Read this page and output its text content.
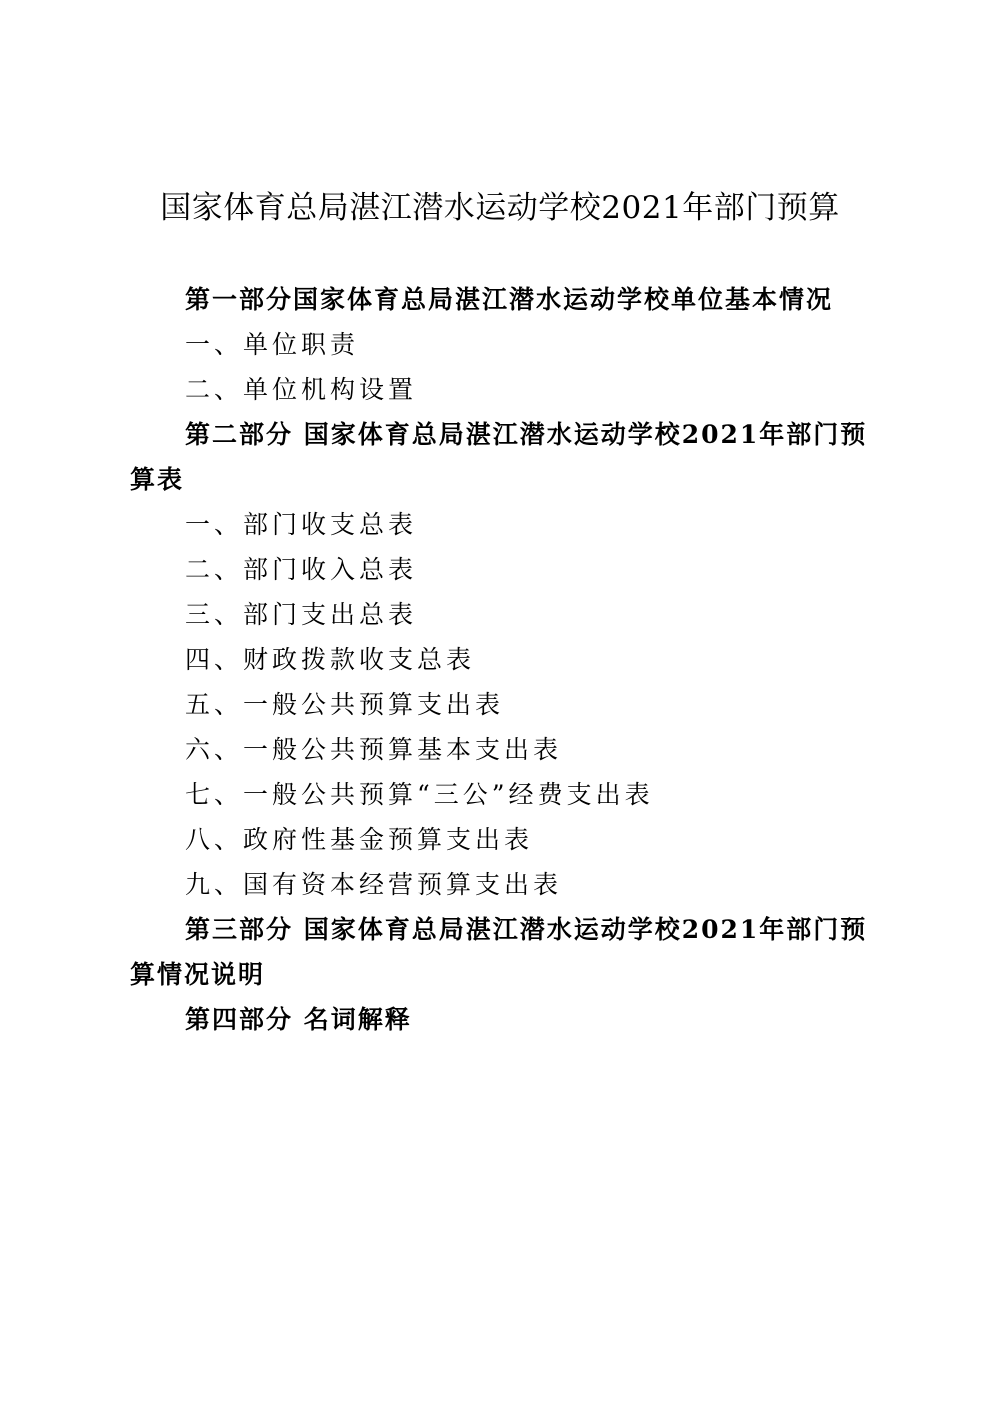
国家体育总局湛江潜水运动学校2021年部门预算

第一部分国家体育总局湛江潜水运动学校单位基本情况

一、单位职责

二、单位机构设置

第二部分 国家体育总局湛江潜水运动学校2021年部门预算表

一、部门收支总表

二、部门收入总表

三、部门支出总表

四、财政拨款收支总表

五、一般公共预算支出表

六、一般公共预算基本支出表

七、一般公共预算“三公”经费支出表

八、政府性基金预算支出表

九、国有资本经营预算支出表

第三部分 国家体育总局湛江潜水运动学校2021年部门预算情况说明

第四部分 名词解释
